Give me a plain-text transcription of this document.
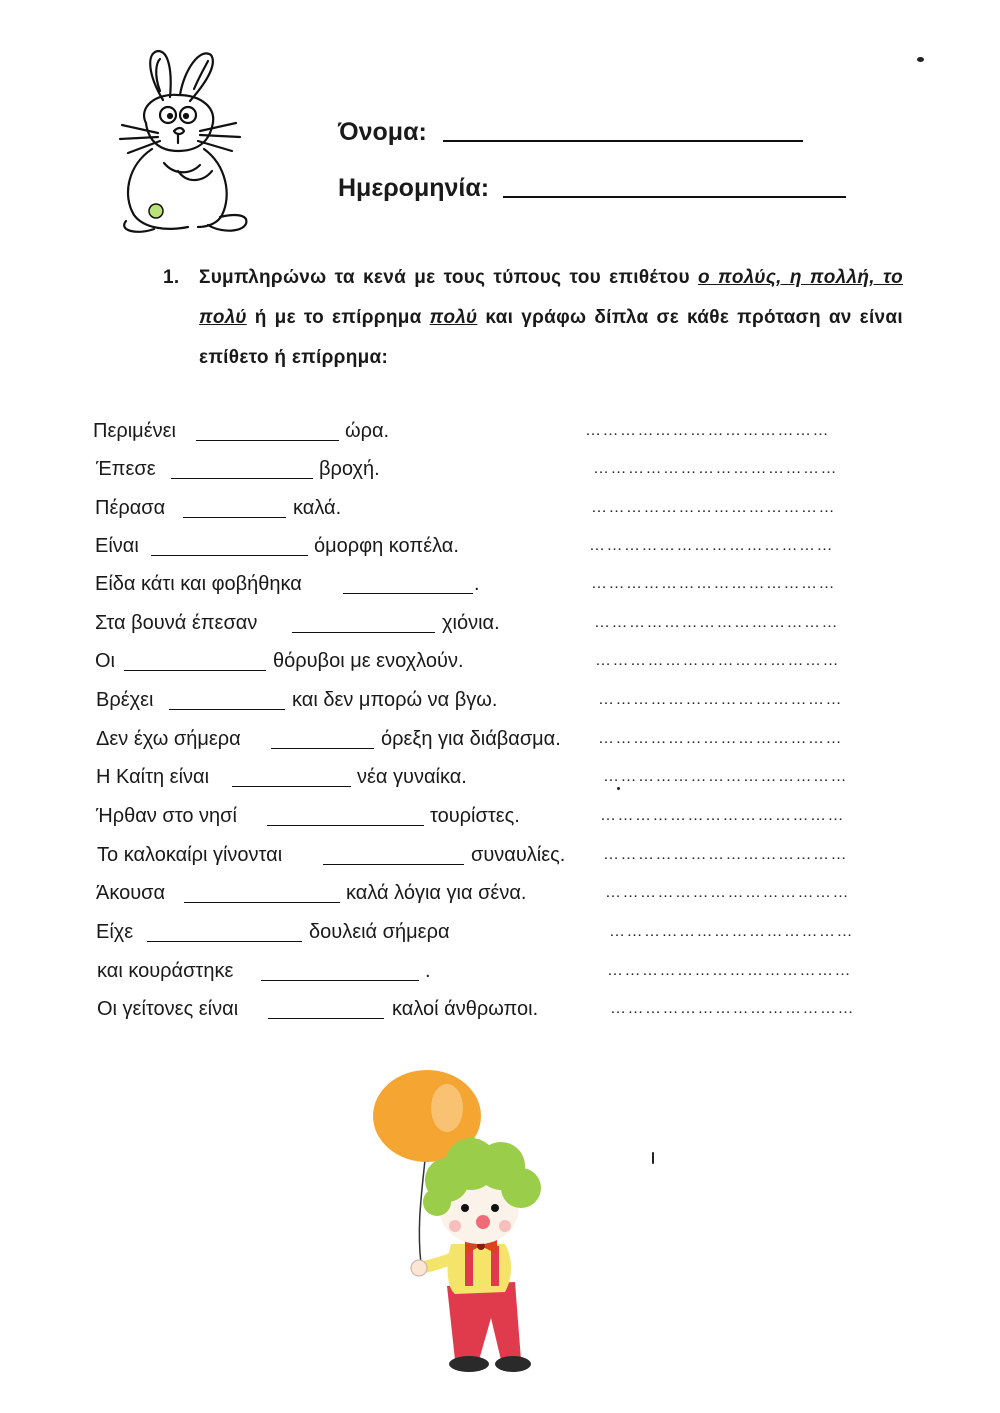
Όνομα:
Ημερομηνία:
1. Συμπληρώνω τα κενά με τους τύπους του επιθέτου ο πολύς, η πολλή, το πολύ ή με το επίρρημα πολύ και γράφω δίπλα σε κάθε πρόταση αν είναι επίθετο ή επίρρημα:
Περιμένει	ώρα.	……………………………………
Έπεσε	βροχή.	……………………………………
Πέρασα	καλά.	……………………………………
Είναι	όμορφη κοπέλα.	……………………………………
Είδα κάτι και φοβήθηκα	.	……………………………………
Στα βουνά έπεσαν	χιόνια.	……………………………………
Οι	θόρυβοι με ενοχλούν.	……………………………………
Βρέχει	και δεν μπορώ να βγω.	……………………………………
Δεν έχω σήμερα	όρεξη για διάβασμα. ……………………………………
Η Καίτη είναι	νέα γυναίκα.	……………………………………
Ήρθαν στο νησί	τουρίστες.	……………………………………
Το καλοκαίρι γίνονται	συναυλίες. ……………………………………
Άκουσα	καλά λόγια για σένα.	……………………………………
Είχε	δουλειά σήμερα	……………………………………
και κουράστηκε	.	……………………………………
Οι γείτονες είναι	καλοί άνθρωποι.	……………………………………
